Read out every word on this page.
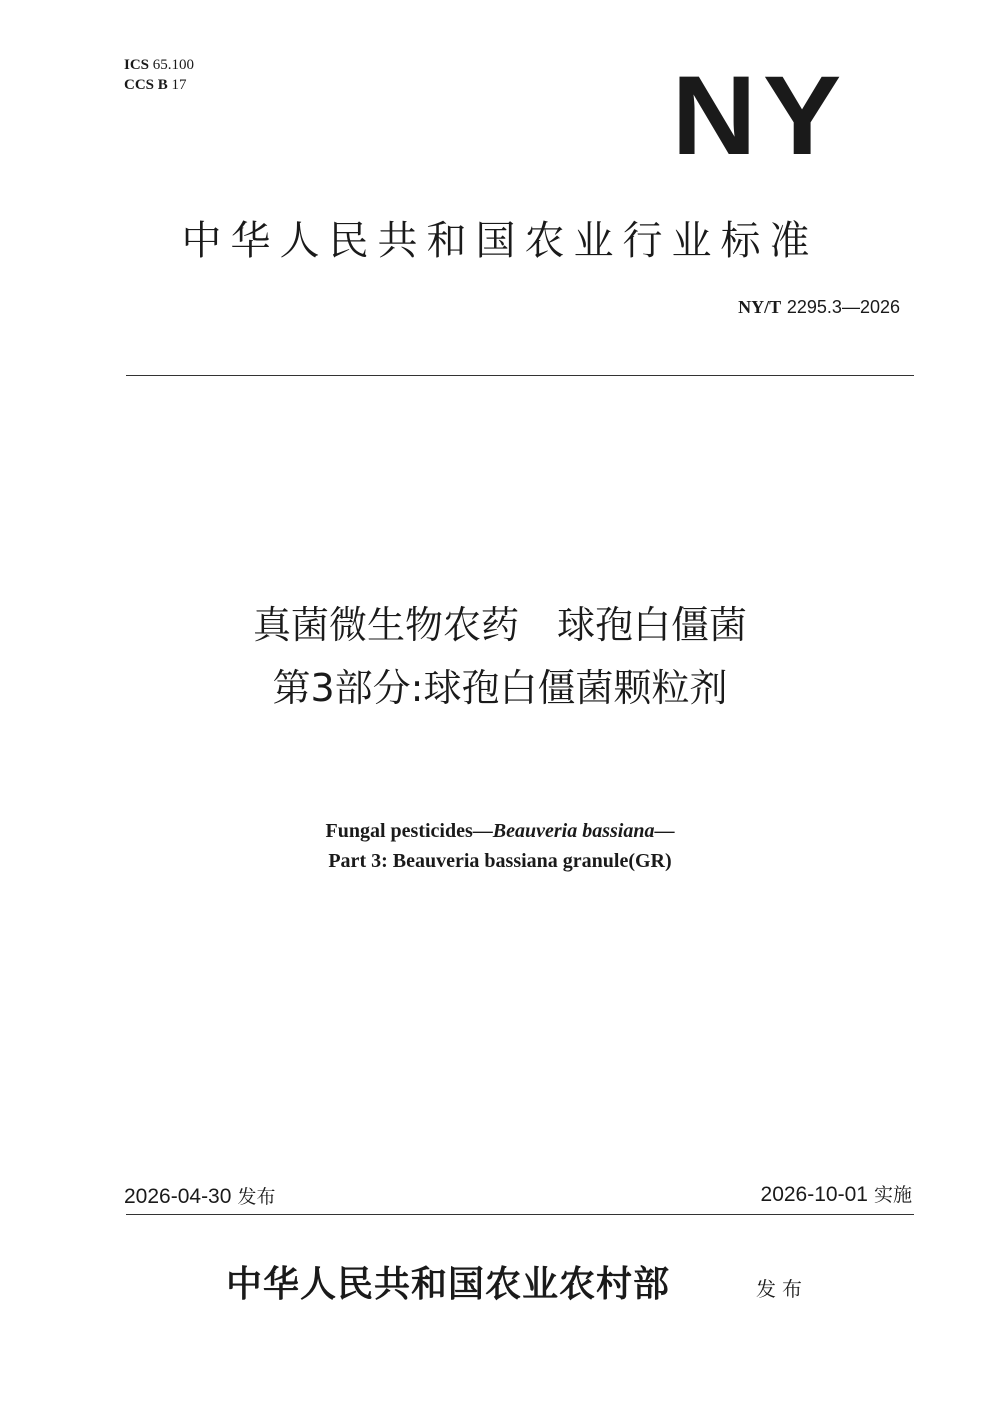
ICS 65.100
CCS B 17	NY
中华人民共和国农业行业标准
NY/T 2295.3—2026
真菌微生物农药　球孢白僵菌
第3部分:球孢白僵菌颗粒剂
Fungal pesticides—Beauveria bassiana—
Part 3: Beauveria bassiana granule(GR)
2026-04-30 发布	2026-10-01 实施
中华人民共和国农业农村部	发布
